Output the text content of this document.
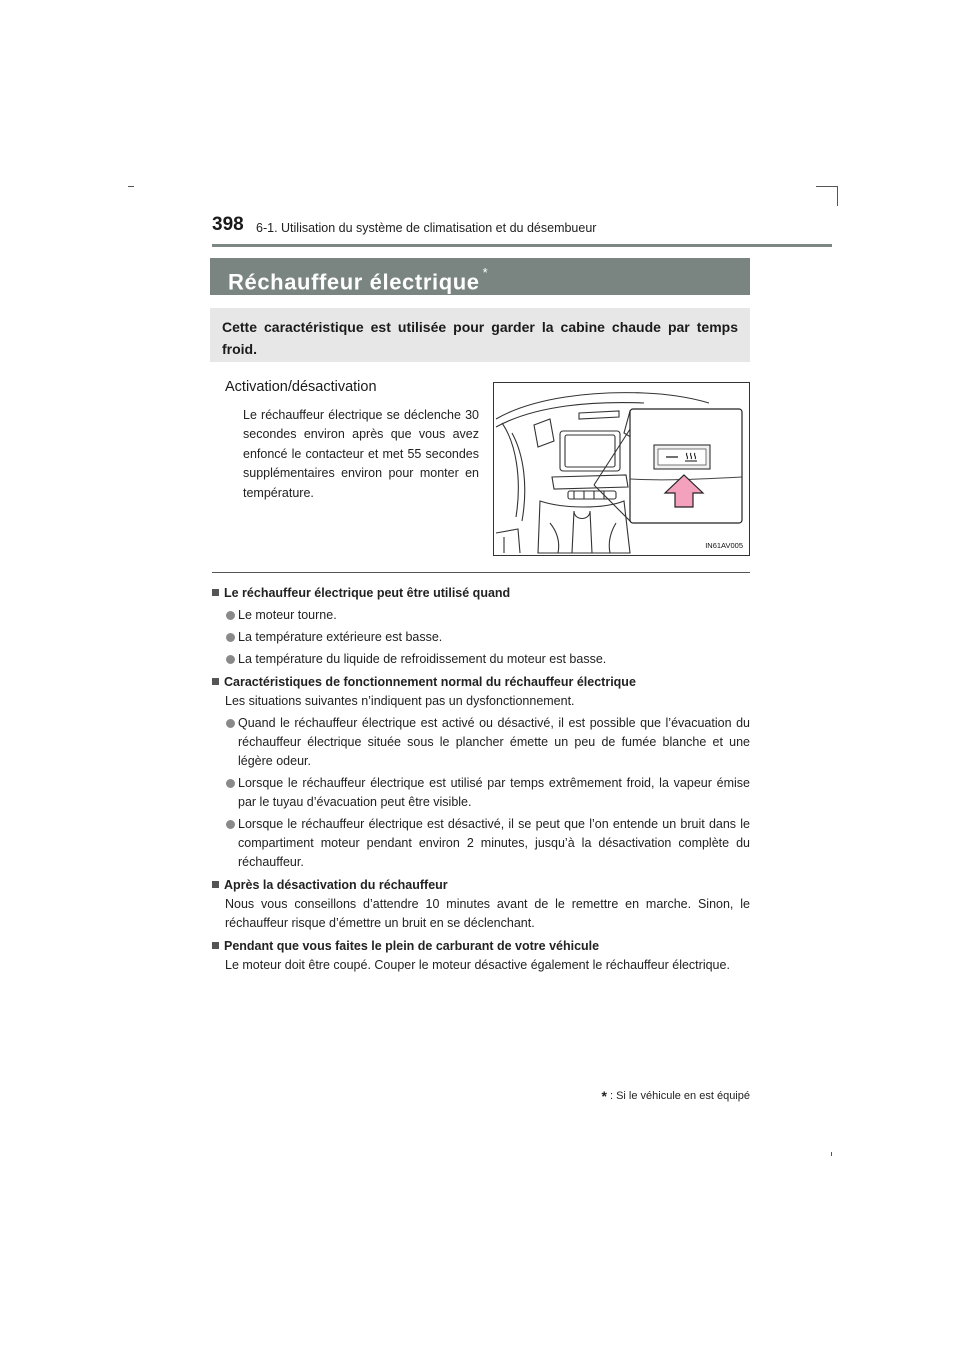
398 6-1. Utilisation du système de climatisation et du désembueur
Réchauffeur électrique *
Cette caractéristique est utilisée pour garder la cabine chaude par temps froid.
Activation/désactivation
Le réchauffeur électrique se déclenche 30 secondes environ après que vous avez enfoncé le contacteur et met 55 secondes supplémentaires environ pour monter en température.
IN61AV005
Le réchauffeur électrique peut être utilisé quand
Le moteur tourne.
La température extérieure est basse.
La température du liquide de refroidissement du moteur est basse.
Caractéristiques de fonctionnement normal du réchauffeur électrique
Les situations suivantes n’indiquent pas un dysfonctionnement.
Quand le réchauffeur électrique est activé ou désactivé, il est possible que l’évacuation du réchauffeur électrique située sous le plancher émette un peu de fumée blanche et une légère odeur.
Lorsque le réchauffeur électrique est utilisé par temps extrêmement froid, la vapeur émise par le tuyau d’évacuation peut être visible.
Lorsque le réchauffeur électrique est désactivé, il se peut que l’on entende un bruit dans le compartiment moteur pendant environ 2 minutes, jusqu’à la désactivation complète du réchauffeur.
Après la désactivation du réchauffeur
Nous vous conseillons d’attendre 10 minutes avant de le remettre en marche. Sinon, le réchauffeur risque d’émettre un bruit en se déclenchant.
Pendant que vous faites le plein de carburant de votre véhicule
Le moteur doit être coupé. Couper le moteur désactive également le réchauffeur électrique.
* : Si le véhicule en est équipé
